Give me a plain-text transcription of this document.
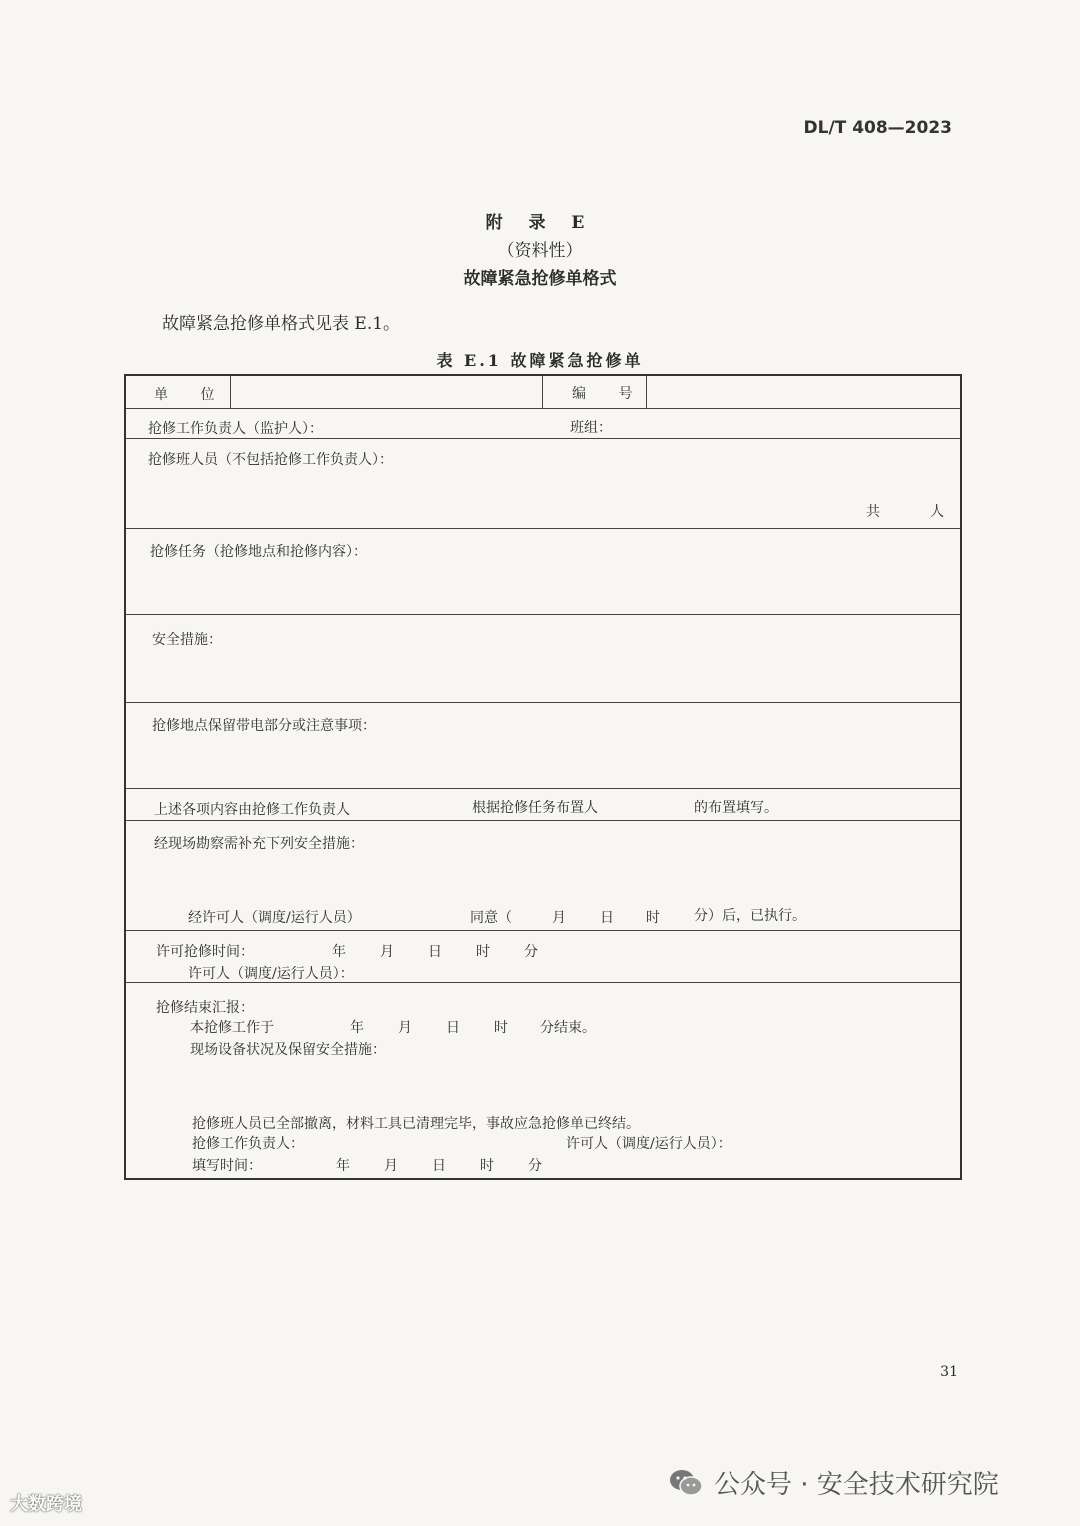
DL/T 408—2023
附 录 E
（资料性）
故障紧急抢修单格式
故障紧急抢修单格式见表 E.1。
表 E.1 故障紧急抢修单
单 位	编 号
抢修工作负责人（监护人）：	班组：
抢修班人员（不包括抢修工作负责人）：
共	人
抢修任务（抢修地点和抢修内容）：
安全措施：
抢修地点保留带电部分或注意事项：
上述各项内容由抢修工作负责人	根据抢修任务布置人	的布置填写。
经现场勘察需补充下列安全措施：
经许可人（调度/运行人员）	同意（	月 日 时 分）后，已执行。
许可抢修时间：	年 月 日 时 分
许可人（调度/运行人员）：
抢修结束汇报：
本抢修工作于	年 月 日 时 分结束。
现场设备状况及保留安全措施：
抢修班人员已全部撤离，材料工具已清理完毕，事故应急抢修单已终结。
抢修工作负责人：	许可人（调度/运行人员）：
填写时间：	年 月 日 时 分
31
大数跨境
公众号 · 安全技术研究院
